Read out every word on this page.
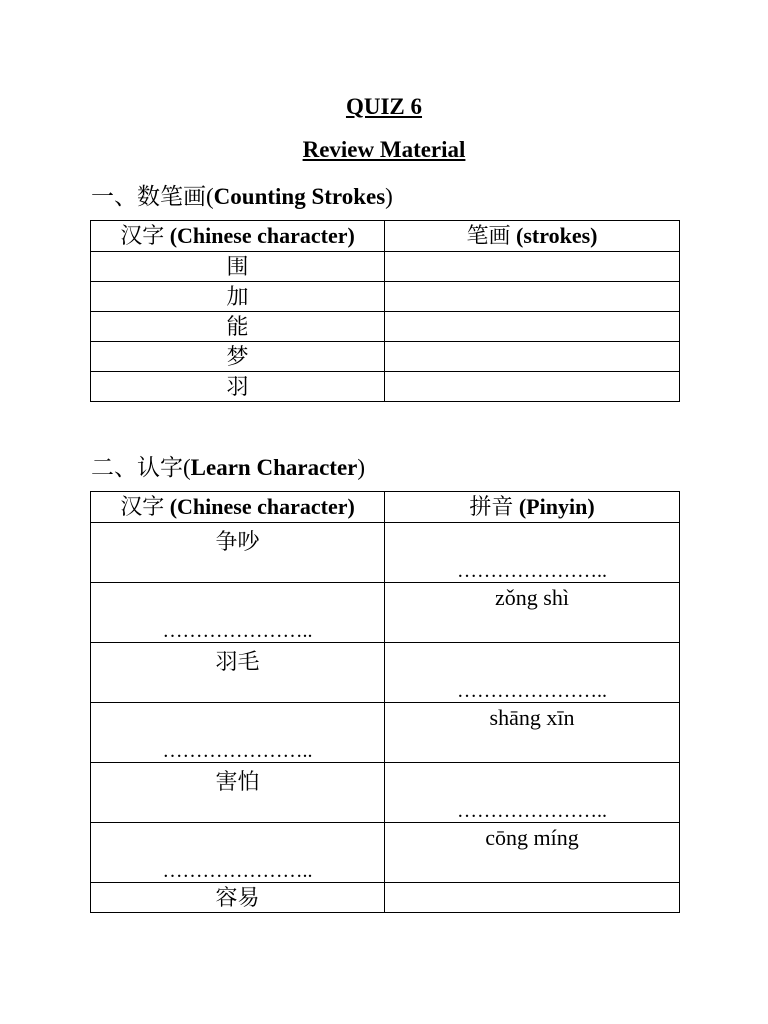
QUIZ 6
Review Material
一、数笔画(Counting Strokes)
汉字 (Chinese character)	笔画 (strokes)
围	
加	
能	
梦	
羽	
二、认字(Learn Character)
汉字 (Chinese character)	拼音 (Pinyin)

争吵	…………………..

…………………..	zǒng shì

羽毛	…………………..

…………………..	shāng xīn

害怕	…………………..

…………………..	cōng míng

容易	
